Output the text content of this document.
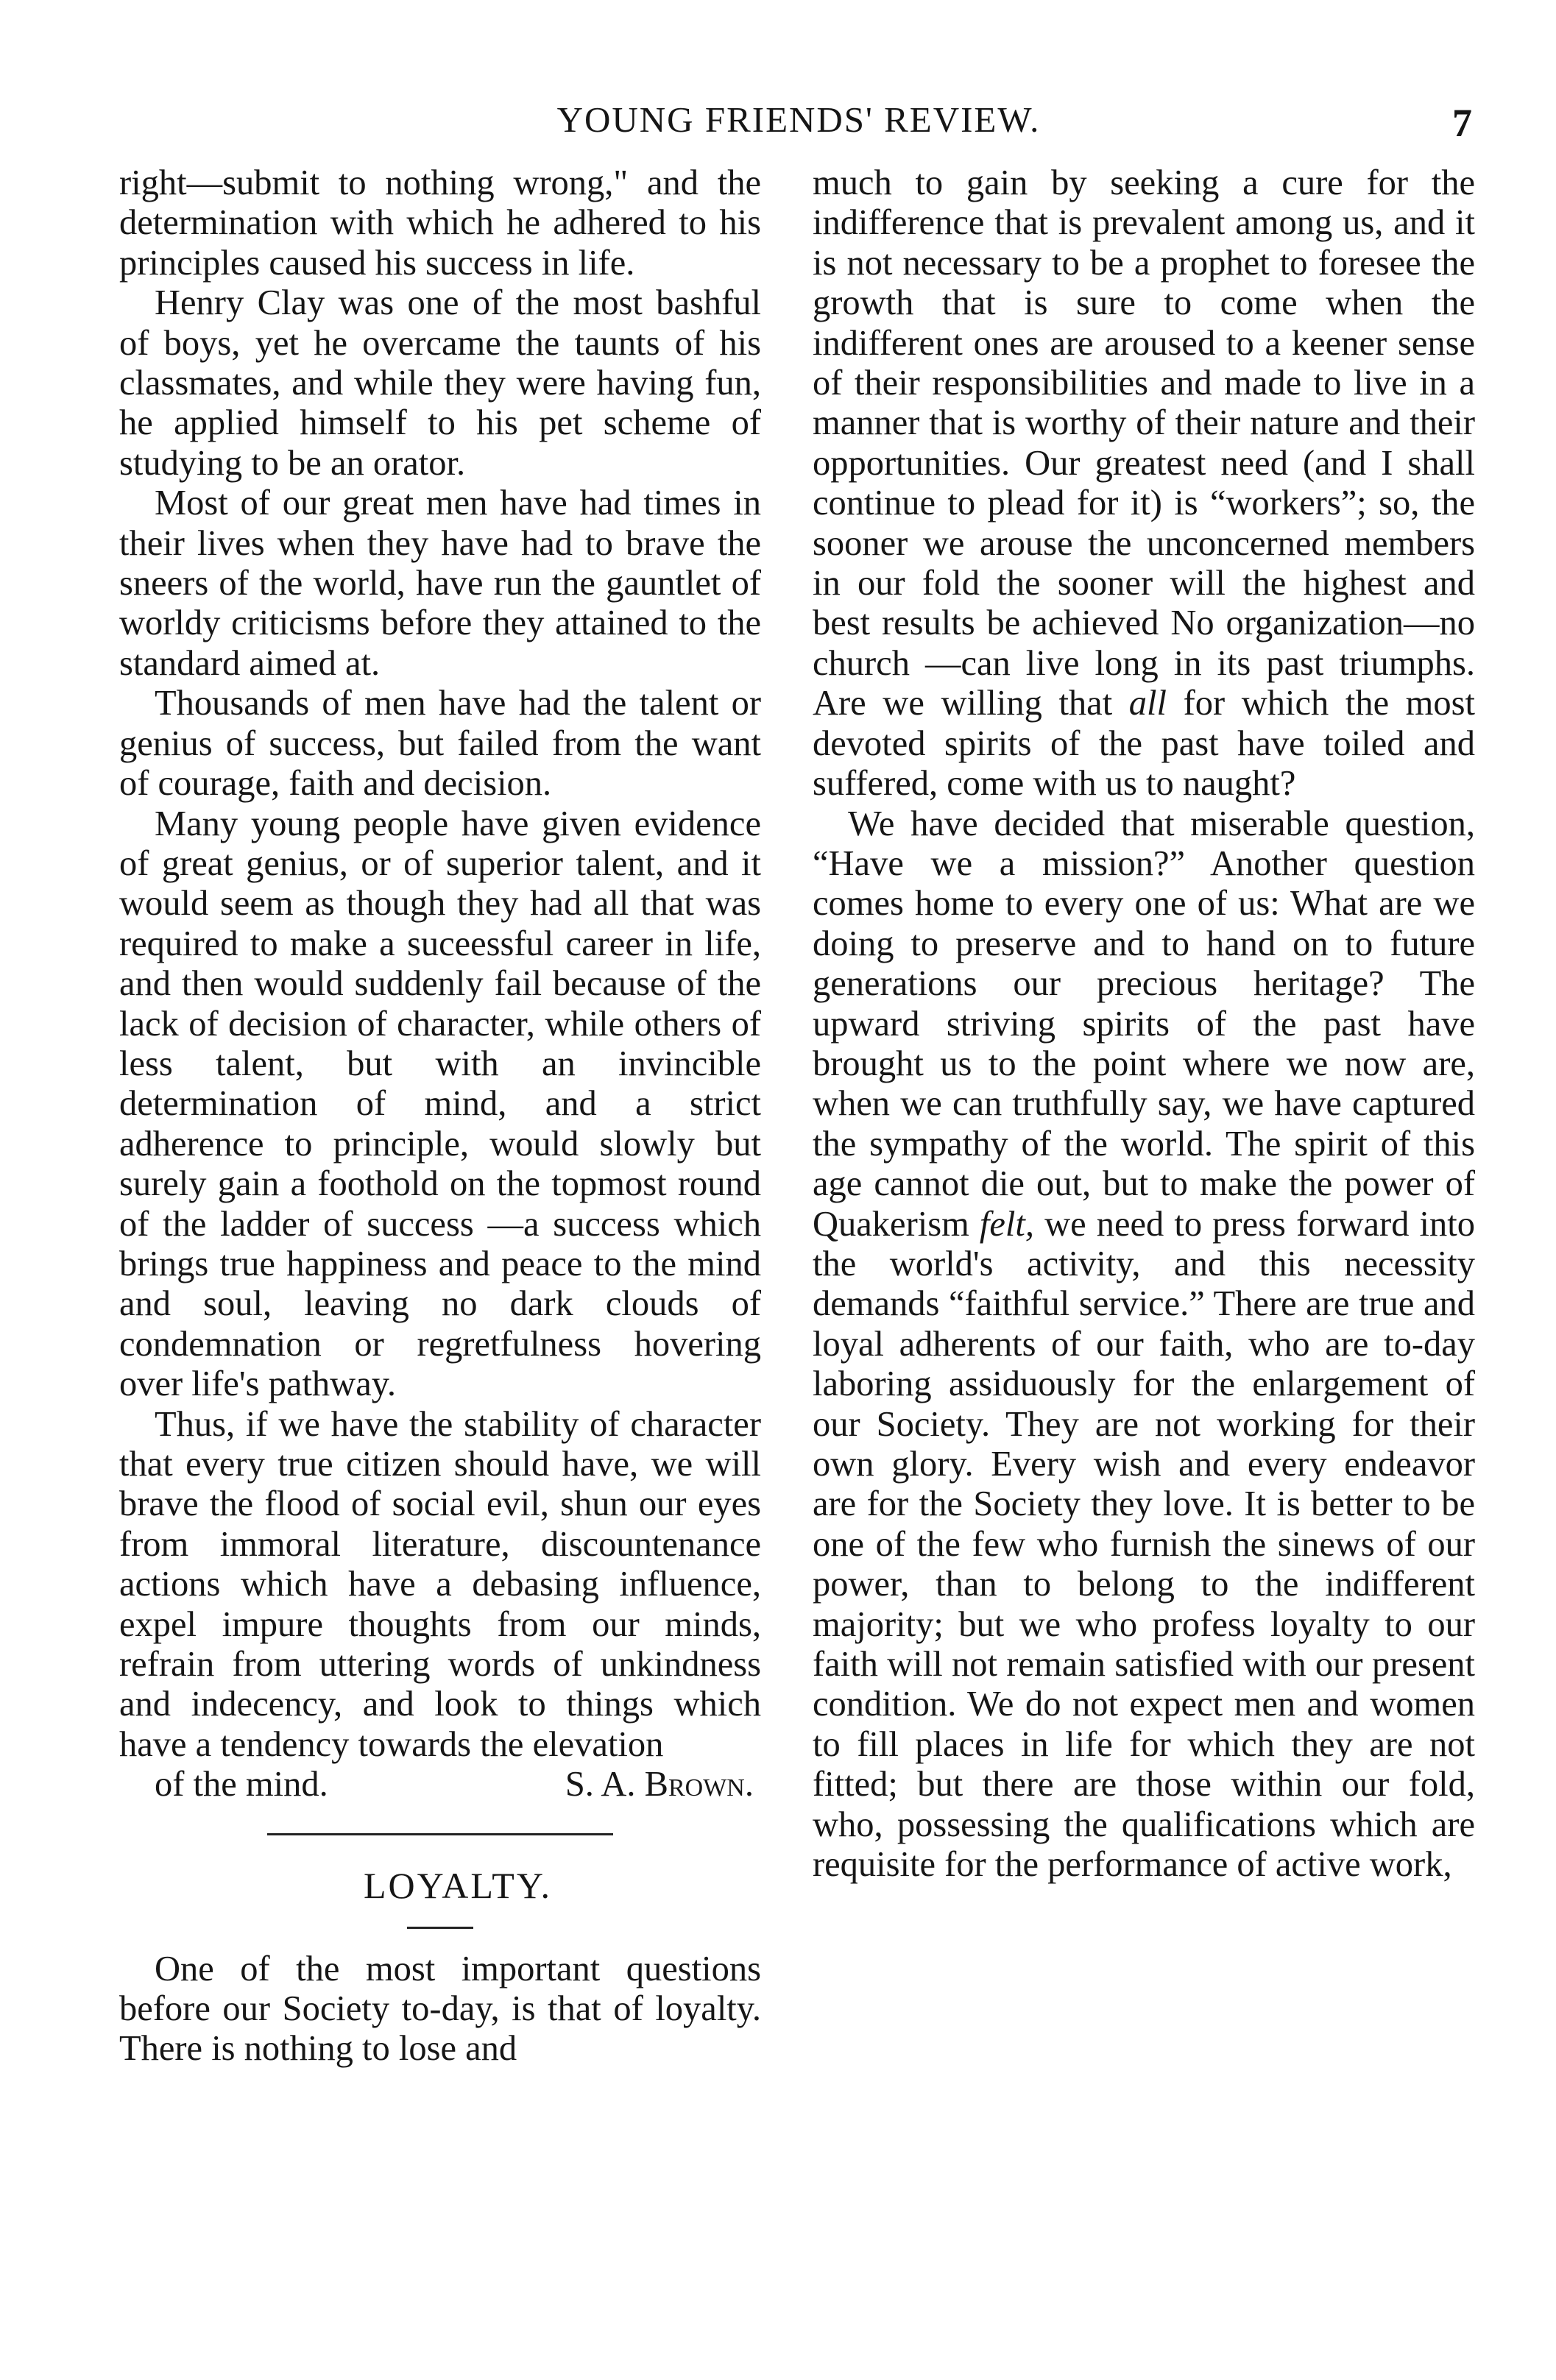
YOUNG FRIENDS' REVIEW.	7

right—submit to nothing wrong," and the determination with which he adhered to his principles caused his success in life.

Henry Clay was one of the most bashful of boys, yet he overcame the taunts of his classmates, and while they were having fun, he applied himself to his pet scheme of studying to be an orator.

Most of our great men have had times in their lives when they have had to brave the sneers of the world, have run the gauntlet of worldy criticisms before they attained to the standard aimed at.

Thousands of men have had the talent or genius of success, but failed from the want of courage, faith and decision.

Many young people have given evidence of great genius, or of superior talent, and it would seem as though they had all that was required to make a suceessful career in life, and then would suddenly fail because of the lack of decision of character, while others of less talent, but with an invincible determination of mind, and a strict adherence to principle, would slowly but surely gain a foothold on the topmost round of the ladder of success —a success which brings true happiness and peace to the mind and soul, leaving no dark clouds of condemnation or regretfulness hovering over life's pathway.

Thus, if we have the stability of character that every true citizen should have, we will brave the flood of social evil, shun our eyes from immoral literature, discountenance actions which have a debasing influence, expel impure thoughts from our minds, refrain from uttering words of unkindness and indecency, and look to things which have a tendency towards the elevation

of the mind.	S. A. Brown.

LOYALTY.

One of the most important questions before our Society to-day, is that of loyalty. There is nothing to lose and

much to gain by seeking a cure for the indifference that is prevalent among us, and it is not necessary to be a prophet to foresee the growth that is sure to come when the indifferent ones are aroused to a keener sense of their responsibilities and made to live in a manner that is worthy of their nature and their opportunities. Our greatest need (and I shall continue to plead for it) is “workers”; so, the sooner we arouse the unconcerned members in our fold the sooner will the highest and best results be achieved No organization—no church —can live long in its past triumphs. Are we willing that all for which the most devoted spirits of the past have toiled and suffered, come with us to naught?

We have decided that miserable question, “Have we a mission?” Another question comes home to every one of us: What are we doing to preserve and to hand on to future generations our precious heritage? The upward striving spirits of the past have brought us to the point where we now are, when we can truthfully say, we have captured the sympathy of the world. The spirit of this age cannot die out, but to make the power of Quakerism felt, we need to press forward into the world's activity, and this necessity demands “faithful service.” There are true and loyal adherents of our faith, who are to-day laboring assiduously for the enlargement of our Society. They are not working for their own glory. Every wish and every endeavor are for the Society they love. It is better to be one of the few who furnish the sinews of our power, than to belong to the indifferent majority; but we who profess loyalty to our faith will not remain satisfied with our present condition. We do not expect men and women to fill places in life for which they are not fitted; but there are those within our fold, who, possessing the qualifications which are requisite for the performance of active work,
